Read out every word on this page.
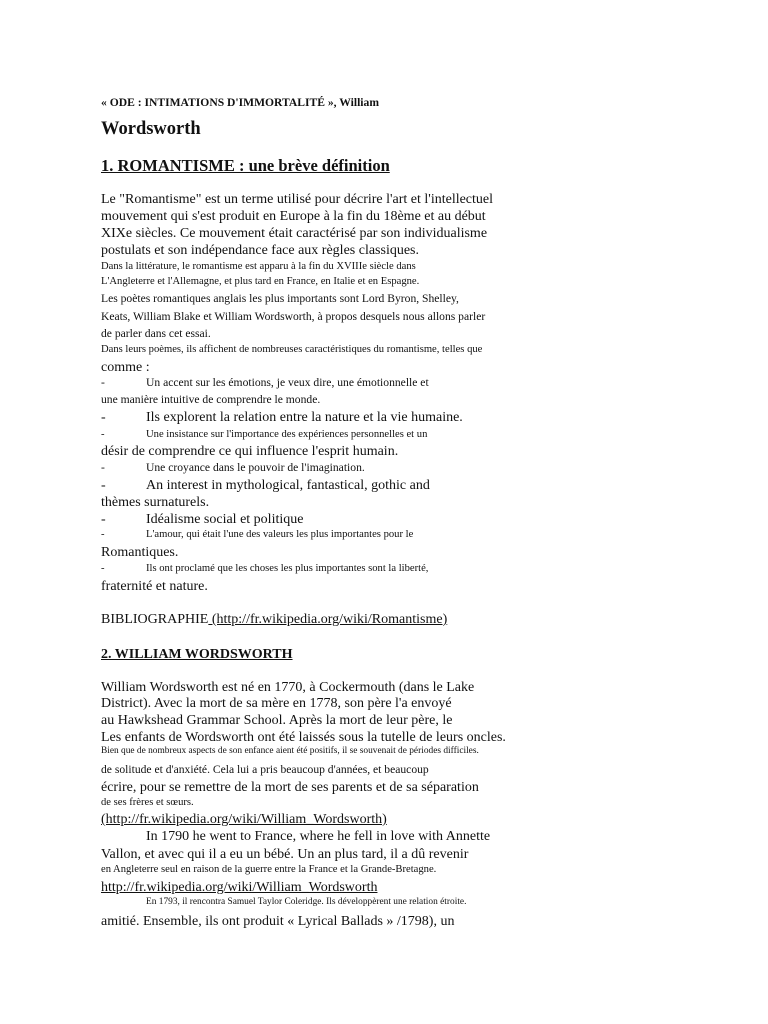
« ODE : INTIMATIONS D'IMMORTALITÉ », William
Wordsworth
1. ROMANTISME : une brève définition
Le "Romantisme" est un terme utilisé pour décrire l'art et l'intellectuel
mouvement qui s'est produit en Europe à la fin du 18ème et au début
XIXe siècles. Ce mouvement était caractérisé par son individualisme
postulats et son indépendance face aux règles classiques.
Dans la littérature, le romantisme est apparu à la fin du XVIIIe siècle dans
L'Angleterre et l'Allemagne, et plus tard en France, en Italie et en Espagne.
Les poètes romantiques anglais les plus importants sont Lord Byron, Shelley,
Keats, William Blake et William Wordsworth, à propos desquels nous allons parler
de parler dans cet essai.
Dans leurs poèmes, ils affichent de nombreuses caractéristiques du romantisme, telles que
comme :
-	Un accent sur les émotions, je veux dire, une émotionnelle et
une manière intuitive de comprendre le monde.
-	Ils explorent la relation entre la nature et la vie humaine.
-	Une insistance sur l'importance des expériences personnelles et un
désir de comprendre ce qui influence l'esprit humain.
-	Une croyance dans le pouvoir de l'imagination.
-	An interest in mythological, fantastical, gothic and
thèmes surnaturels.
-	Idéalisme social et politique
-	L'amour, qui était l'une des valeurs les plus importantes pour le
Romantiques.
-	Ils ont proclamé que les choses les plus importantes sont la liberté,
fraternité et nature.
BIBLIOGRAPHIE (http://fr.wikipedia.org/wiki/Romantisme)
2. WILLIAM WORDSWORTH
William Wordsworth est né en 1770, à Cockermouth (dans le Lake
District). Avec la mort de sa mère en 1778, son père l'a envoyé
au Hawkshead Grammar School. Après la mort de leur père, le
Les enfants de Wordsworth ont été laissés sous la tutelle de leurs oncles.
Bien que de nombreux aspects de son enfance aient été positifs, il se souvenait de périodes difficiles.
de solitude et d'anxiété. Cela lui a pris beaucoup d'années, et beaucoup
écrire, pour se remettre de la mort de ses parents et de sa séparation
de ses frères et sœurs.
(http://fr.wikipedia.org/wiki/William_Wordsworth)
In 1790 he went to France, where he fell in love with Annette
Vallon, et avec qui il a eu un bébé. Un an plus tard, il a dû revenir
en Angleterre seul en raison de la guerre entre la France et la Grande-Bretagne.
http://fr.wikipedia.org/wiki/William_Wordsworth
En 1793, il rencontra Samuel Taylor Coleridge. Ils développèrent une relation étroite.
amitié. Ensemble, ils ont produit « Lyrical Ballads » /1798), un
